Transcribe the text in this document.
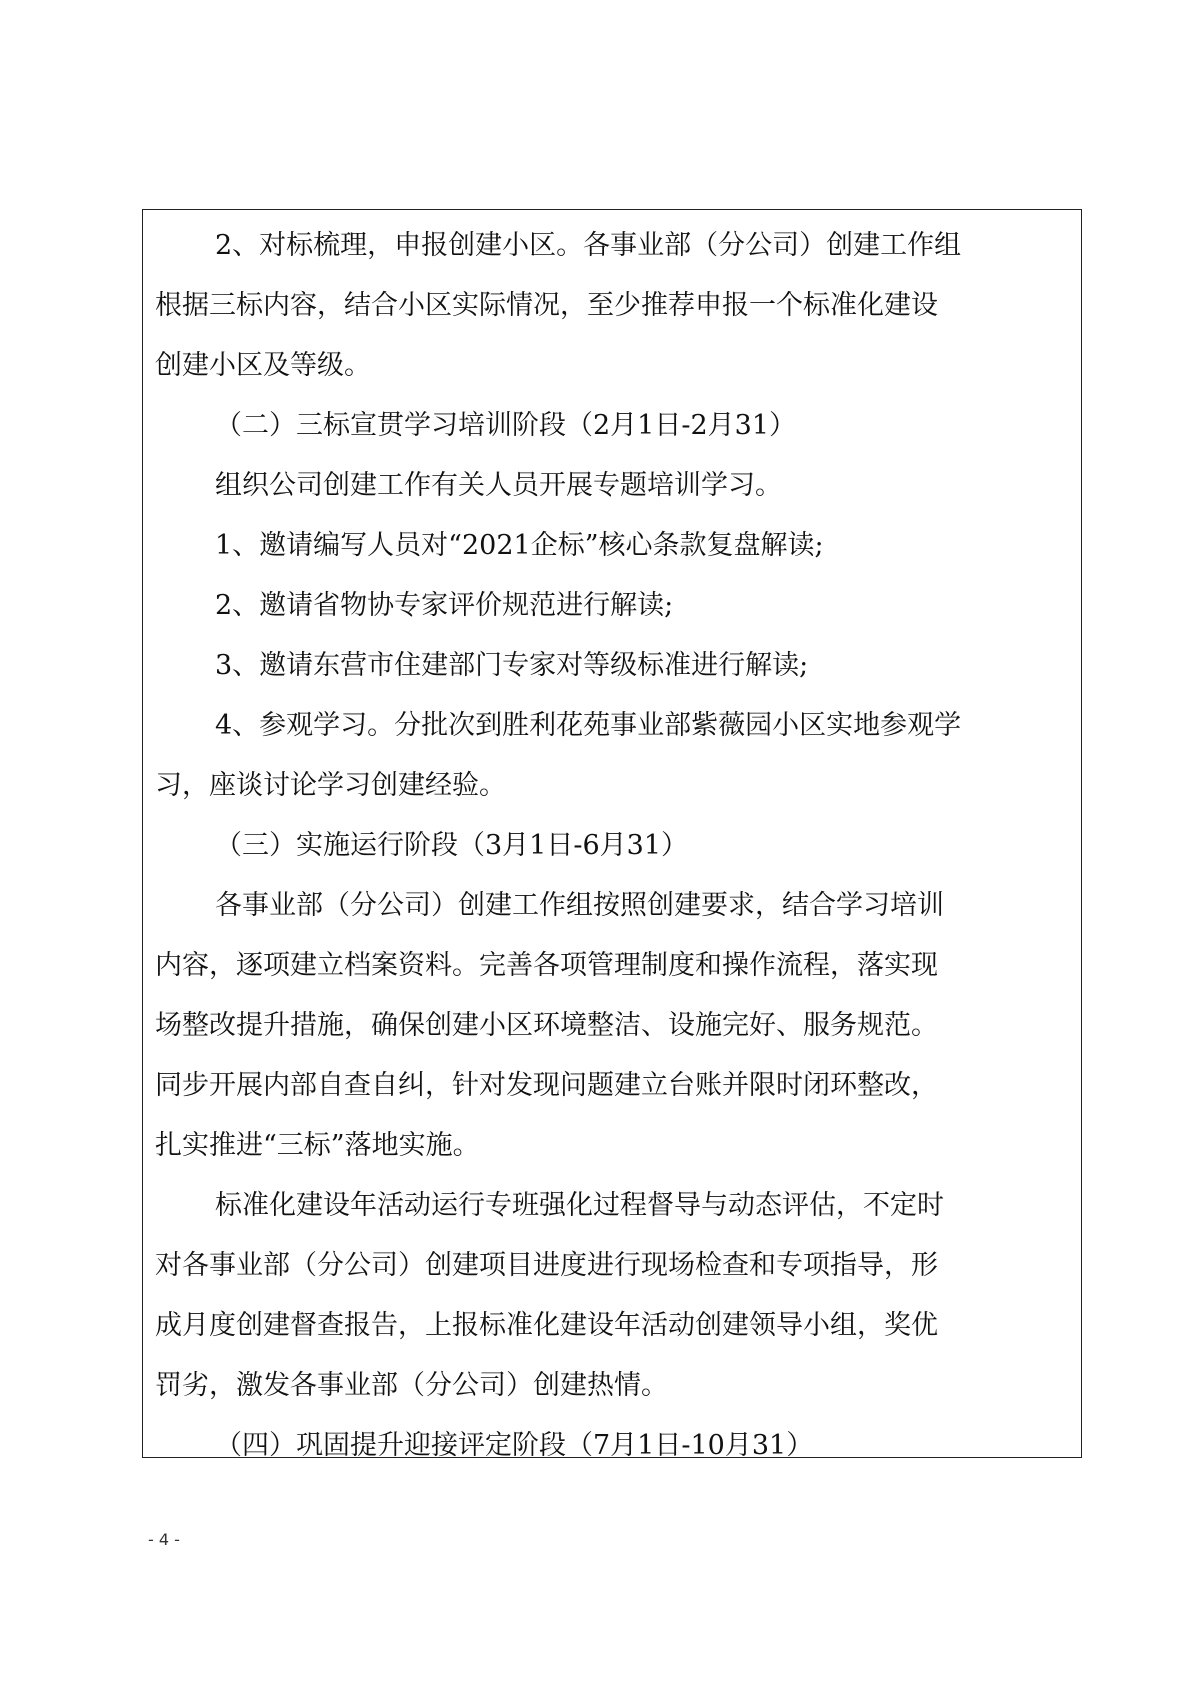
2、对标梳理，申报创建小区。各事业部（分公司）创建工作组
根据三标内容，结合小区实际情况，至少推荐申报一个标准化建设
创建小区及等级。
（二）三标宣贯学习培训阶段（2月1日-2月31）
组织公司创建工作有关人员开展专题培训学习。
1、邀请编写人员对“2021企标”核心条款复盘解读;
2、邀请省物协专家评价规范进行解读;
3、邀请东营市住建部门专家对等级标准进行解读;
4、参观学习。分批次到胜利花苑事业部紫薇园小区实地参观学
习，座谈讨论学习创建经验。
（三）实施运行阶段（3月1日-6月31）
各事业部（分公司）创建工作组按照创建要求，结合学习培训
内容，逐项建立档案资料。完善各项管理制度和操作流程，落实现
场整改提升措施，确保创建小区环境整洁、设施完好、服务规范。
同步开展内部自查自纠，针对发现问题建立台账并限时闭环整改，
扎实推进“三标”落地实施。
标准化建设年活动运行专班强化过程督导与动态评估，不定时
对各事业部（分公司）创建项目进度进行现场检查和专项指导，形
成月度创建督查报告，上报标准化建设年活动创建领导小组，奖优
罚劣，激发各事业部（分公司）创建热情。
（四）巩固提升迎接评定阶段（7月1日-10月31）
- 4 -
